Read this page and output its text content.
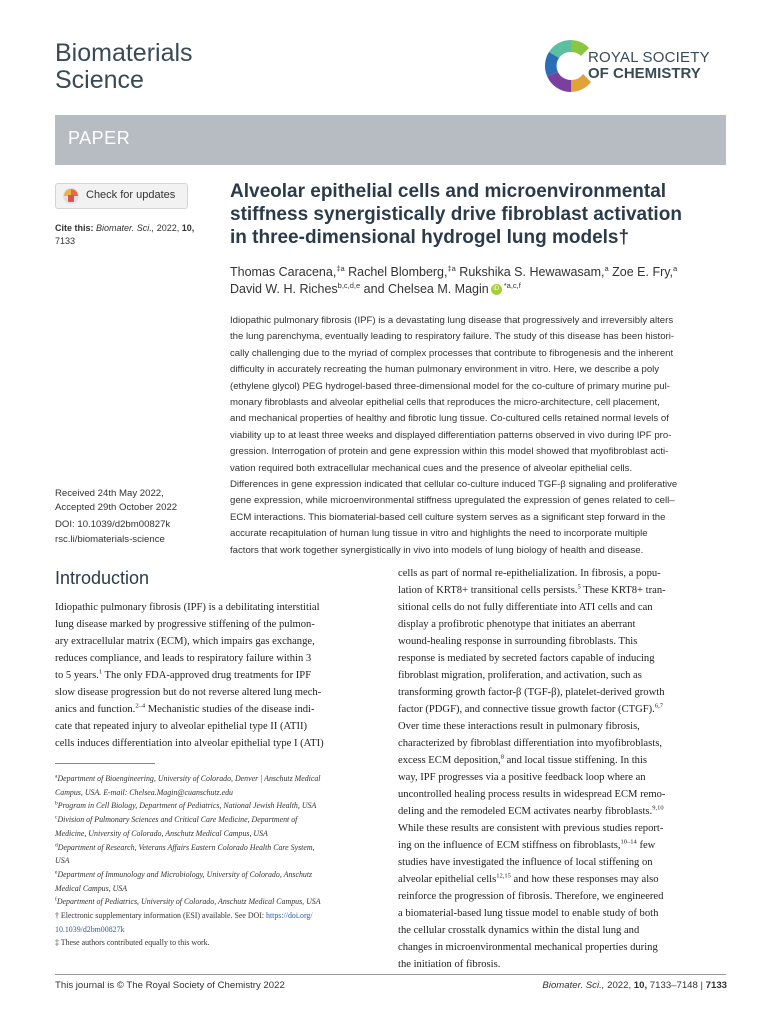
Biomaterials
Science
ROYAL SOCIETY
OF CHEMISTRY
PAPER
Check for updates
Cite this: Biomater. Sci., 2022, 10,
7133
Alveolar epithelial cells and microenvironmental
stiffness synergistically drive fibroblast activation
in three-dimensional hydrogel lung models†
Thomas Caracena,$^{\ddagger a}$ Rachel Blomberg,$^{\ddagger a}$ Rukshika S. Hewawasam,$^a$ Zoe E. Fry,$^a$
David W. H. Riches$^{b,c,d,e}$ and Chelsea M. Magin iD $^{*a,c,f}$
Idiopathic pulmonary fibrosis (IPF) is a devastating lung disease that progressively and irreversibly alters
the lung parenchyma, eventually leading to respiratory failure. The study of this disease has been histori-
cally challenging due to the myriad of complex processes that contribute to fibrogenesis and the inherent
difficulty in accurately recreating the human pulmonary environment in vitro. Here, we describe a poly
(ethylene glycol) PEG hydrogel-based three-dimensional model for the co-culture of primary murine pul-
monary fibroblasts and alveolar epithelial cells that reproduces the micro-architecture, cell placement,
and mechanical properties of healthy and fibrotic lung tissue. Co-cultured cells retained normal levels of
viability up to at least three weeks and displayed differentiation patterns observed in vivo during IPF pro-
gression. Interrogation of protein and gene expression within this model showed that myofibroblast acti-
vation required both extracellular mechanical cues and the presence of alveolar epithelial cells.
Differences in gene expression indicated that cellular co-culture induced TGF-β signaling and proliferative
gene expression, while microenvironmental stiffness upregulated the expression of genes related to cell–
ECM interactions. This biomaterial-based cell culture system serves as a significant step forward in the
accurate recapitulation of human lung tissue in vitro and highlights the need to incorporate multiple
factors that work together synergistically in vivo into models of lung biology of health and disease.
Received 24th May 2022,
Accepted 29th October 2022
DOI: 10.1039/d2bm00827k
rsc.li/biomaterials-science
Introduction
Idiopathic pulmonary fibrosis (IPF) is a debilitating interstitial
lung disease marked by progressive stiffening of the pulmon-
ary extracellular matrix (ECM), which impairs gas exchange,
reduces compliance, and leads to respiratory failure within 3
to 5 years.$^1$ The only FDA-approved drug treatments for IPF
slow disease progression but do not reverse altered lung mech-
anics and function.$^{2-4}$ Mechanistic studies of the disease indi-
cate that repeated injury to alveolar epithelial type II (ATII)
cells induces differentiation into alveolar epithelial type I (ATI)
cells as part of normal re-epithelialization. In fibrosis, a popu-
lation of KRT8+ transitional cells persists.$^5$ These KRT8+ tran-
sitional cells do not fully differentiate into ATI cells and can
display a profibrotic phenotype that initiates an aberrant
wound-healing response in surrounding fibroblasts. This
response is mediated by secreted factors capable of inducing
fibroblast migration, proliferation, and activation, such as
transforming growth factor-β (TGF-β), platelet-derived growth
factor (PDGF), and connective tissue growth factor (CTGF).$^{6,7}$
Over time these interactions result in pulmonary fibrosis,
characterized by fibroblast differentiation into myofibroblasts,
excess ECM deposition,$^8$ and local tissue stiffening. In this
way, IPF progresses via a positive feedback loop where an
uncontrolled healing process results in widespread ECM remo-
deling and the remodeled ECM activates nearby fibroblasts.$^{9,10}$
While these results are consistent with previous studies report-
ing on the influence of ECM stiffness on fibroblasts,$^{10-14}$ few
studies have investigated the influence of local stiffening on
alveolar epithelial cells$^{12,15}$ and how these responses may also
reinforce the progression of fibrosis. Therefore, we engineered
a biomaterial-based lung tissue model to enable study of both
the cellular crosstalk dynamics within the distal lung and
changes in microenvironmental mechanical properties during
the initiation of fibrosis.
$^a$Department of Bioengineering, University of Colorado, Denver | Anschutz Medical
Campus, USA. E-mail: Chelsea.Magin@cuanschutz.edu
$^b$Program in Cell Biology, Department of Pediatrics, National Jewish Health, USA
$^c$Division of Pulmonary Sciences and Critical Care Medicine, Department of
Medicine, University of Colorado, Anschutz Medical Campus, USA
$^d$Department of Research, Veterans Affairs Eastern Colorado Health Care System,
USA
$^e$Department of Immunology and Microbiology, University of Colorado, Anschutz
Medical Campus, USA
$^f$Department of Pediatrics, University of Colorado, Anschutz Medical Campus, USA
† Electronic supplementary information (ESI) available. See DOI: https://doi.org/
10.1039/d2bm00827k
‡ These authors contributed equally to this work.
This journal is © The Royal Society of Chemistry 2022	Biomater. Sci., 2022, 10, 7133–7148 | 7133
